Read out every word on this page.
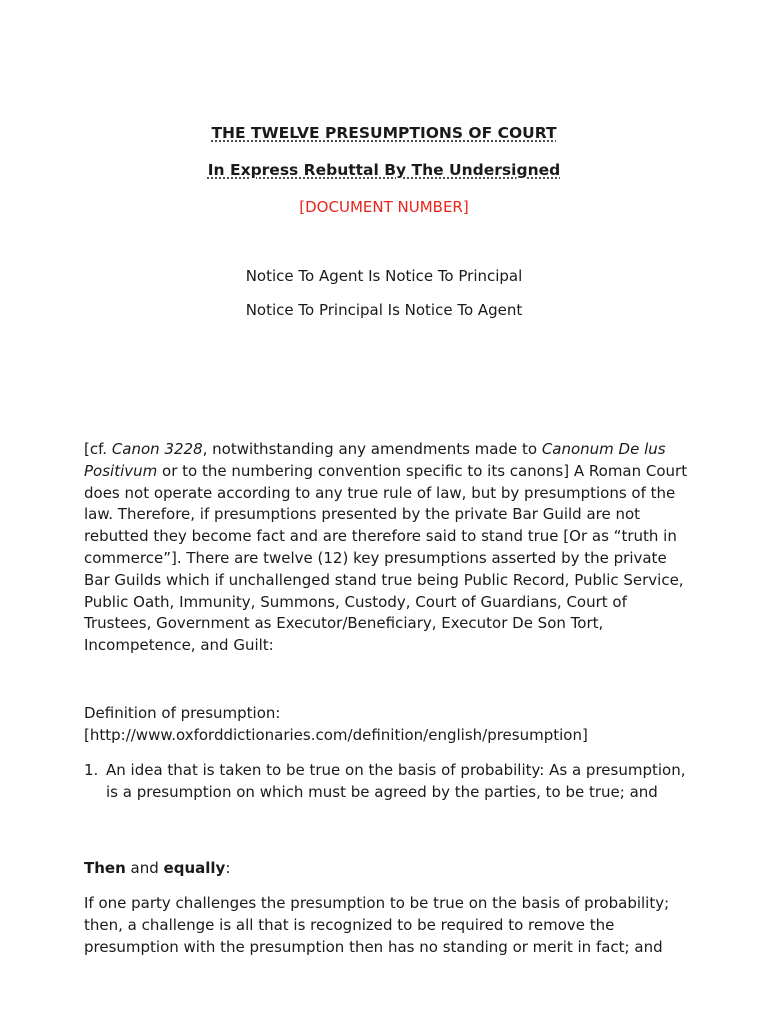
THE TWELVE PRESUMPTIONS OF COURT
In Express Rebuttal By The Undersigned
[DOCUMENT NUMBER]
Notice To Agent Is Notice To Principal
Notice To Principal Is Notice To Agent
[cf. Canon 3228, notwithstanding any amendments made to Canonum De lus Positivum or to the numbering convention specific to its canons] A Roman Court does not operate according to any true rule of law, but by presumptions of the law. Therefore, if presumptions presented by the private Bar Guild are not rebutted they become fact and are therefore said to stand true [Or as “truth in commerce”]. There are twelve (12) key presumptions asserted by the private Bar Guilds which if unchallenged stand true being Public Record, Public Service, Public Oath, Immunity, Summons, Custody, Court of Guardians, Court of Trustees, Government as Executor/Beneficiary, Executor De Son Tort, Incompetence, and Guilt:
Definition of presumption:
[http://www.oxforddictionaries.com/definition/english/presumption]
1. An idea that is taken to be true on the basis of probability: As a presumption, is a presumption on which must be agreed by the parties, to be true; and
Then and equally:
If one party challenges the presumption to be true on the basis of probability; then, a challenge is all that is recognized to be required to remove the presumption with the presumption then has no standing or merit in fact; and
